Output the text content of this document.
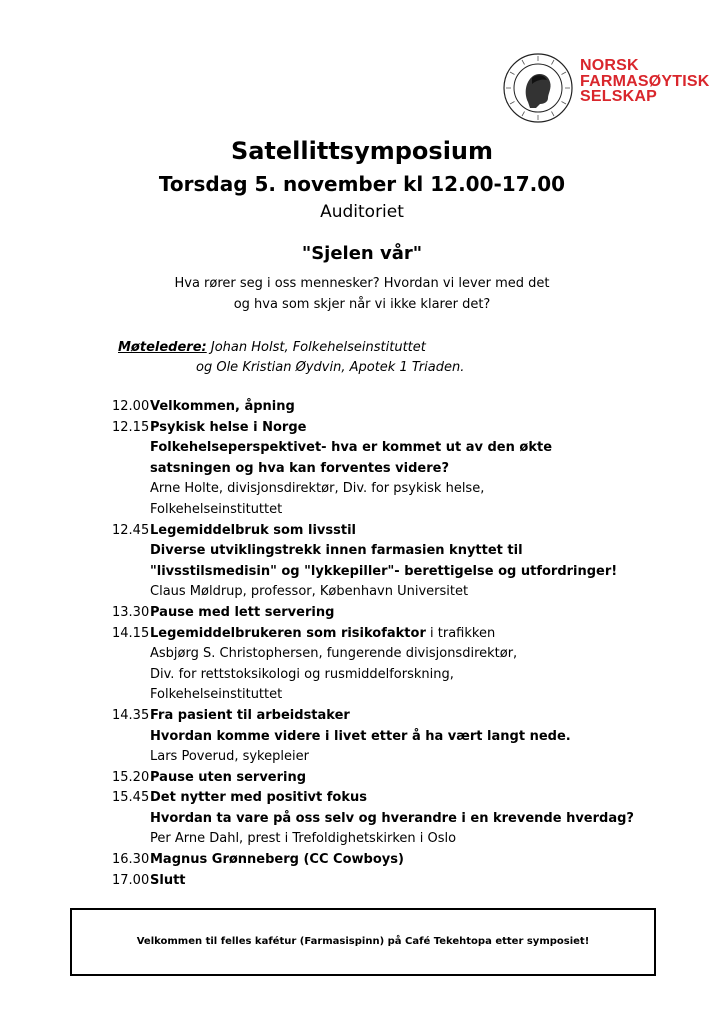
NORSK
FARMASØYTISK
SELSKAP
Satellittsymposium
Torsdag 5. november kl 12.00-17.00
Auditoriet
"Sjelen vår"
Hva rører seg i oss mennesker? Hvordan vi lever med det
og hva som skjer når vi ikke klarer det?
Møteledere: Johan Holst, Folkehelseinstituttet
og Ole Kristian Øydvin, Apotek 1 Triaden.
12.00 Velkommen, åpning
12.15 Psykisk helse i Norge
Folkehelseperspektivet- hva er kommet ut av den økte
satsningen og hva kan forventes videre?
Arne Holte, divisjonsdirektør, Div. for psykisk helse,
Folkehelseinstituttet
12.45 Legemiddelbruk som livsstil
Diverse utviklingstrekk innen farmasien knyttet til
"livsstilsmedisin" og "lykkepiller"- berettigelse og utfordringer!
Claus Møldrup, professor, København Universitet
13.30 Pause med lett servering
14.15 Legemiddelbrukeren som risikofaktor i trafikken
Asbjørg S. Christophersen, fungerende divisjonsdirektør,
Div. for rettstoksikologi og rusmiddelforskning,
Folkehelseinstituttet
14.35 Fra pasient til arbeidstaker
Hvordan komme videre i livet etter å ha vært langt nede.
Lars Poverud, sykepleier
15.20 Pause uten servering
15.45 Det nytter med positivt fokus
Hvordan ta vare på oss selv og hverandre i en krevende hverdag?
Per Arne Dahl, prest i Trefoldighetskirken i Oslo
16.30 Magnus Grønneberg (CC Cowboys)
17.00 Slutt
Velkommen til felles kafétur (Farmasispinn) på Café Tekehtopa etter symposiet!
